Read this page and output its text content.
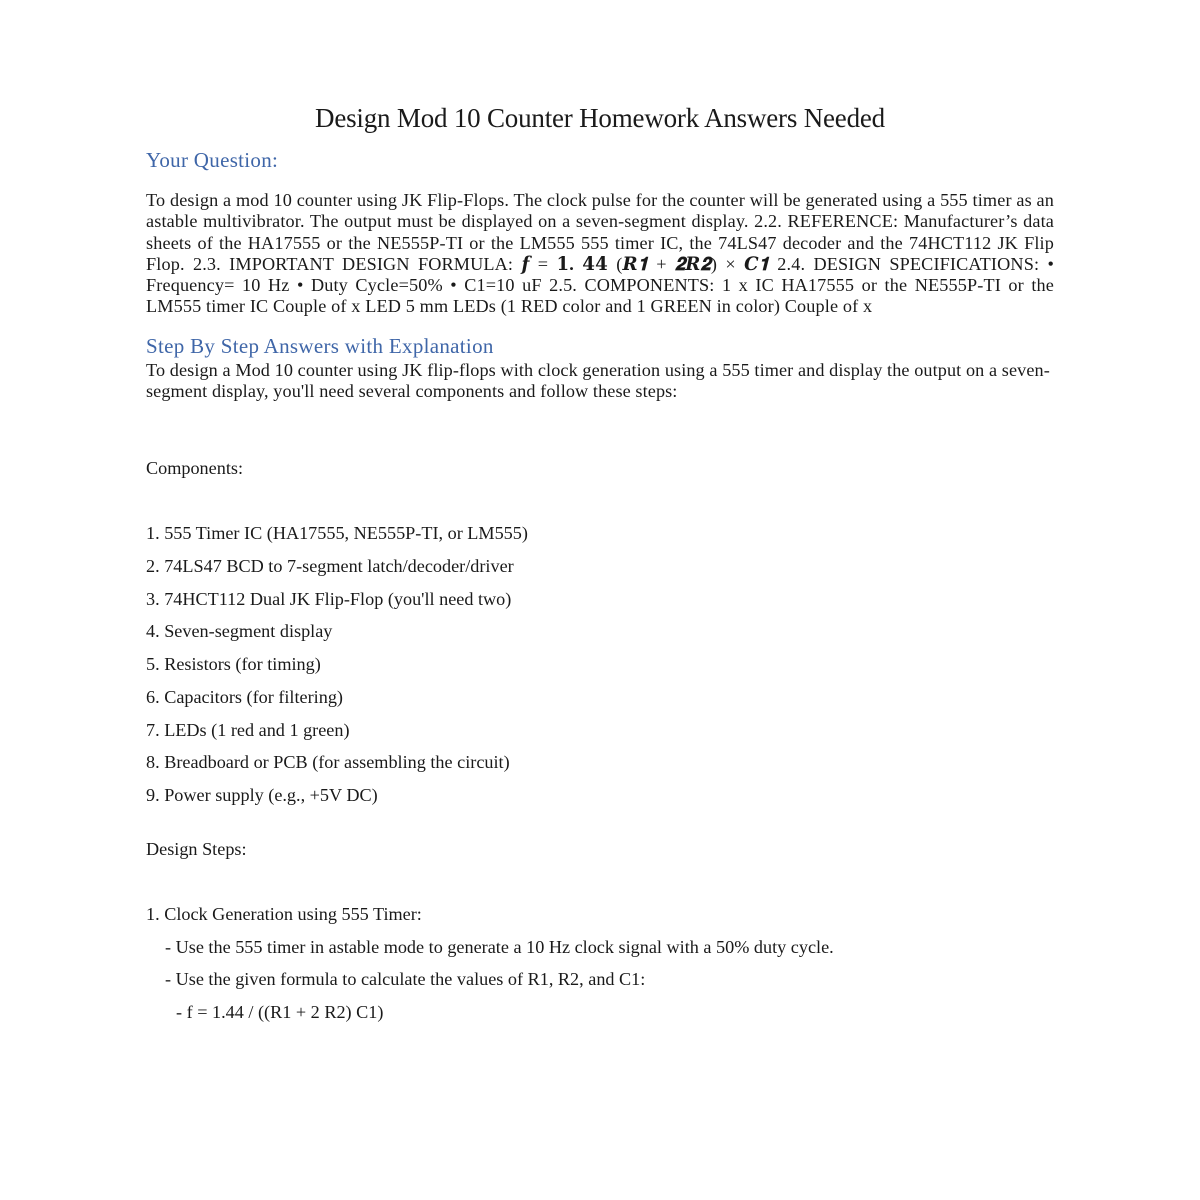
Design Mod 10 Counter Homework Answers Needed
Your Question:

To design a mod 10 counter using JK Flip-Flops. The clock pulse for the counter will be generated using a 555 timer as an astable multivibrator. The output must be displayed on a seven-segment display. 2.2. REFERENCE: Manufacturer’s data sheets of the HA17555 or the NE555P-TI or the LM555 555 timer IC, the 74LS47 decoder and the 74HCT112 JK Flip Flop. 2.3. IMPORTANT DESIGN FORMULA: 𝒇 = 𝟏. 𝟒𝟒 (𝑹𝟏 + 𝟐𝑹𝟐) × 𝑪𝟏 2.4. DESIGN SPECIFICATIONS: • Frequency= 10 Hz • Duty Cycle=50% • C1=10 uF 2.5. COMPONENTS: 1 x IC HA17555 or the NE555P-TI or the LM555 timer IC Couple of x LED 5 mm LEDs (1 RED color and 1 GREEN in color) Couple of x

Step By Step Answers with Explanation

To design a Mod 10 counter using JK flip-flops with clock generation using a 555 timer and display the output on a seven-segment display, you'll need several components and follow these steps:

Components:

1. 555 Timer IC (HA17555, NE555P-TI, or LM555)
2. 74LS47 BCD to 7-segment latch/decoder/driver
3. 74HCT112 Dual JK Flip-Flop (you'll need two)
4. Seven-segment display
5. Resistors (for timing)
6. Capacitors (for filtering)
7. LEDs (1 red and 1 green)
8. Breadboard or PCB (for assembling the circuit)
9. Power supply (e.g., +5V DC)

Design Steps:

1. Clock Generation using 555 Timer:
- Use the 555 timer in astable mode to generate a 10 Hz clock signal with a 50% duty cycle.
- Use the given formula to calculate the values of R1, R2, and C1:
- f = 1.44 / ((R1 + 2 R2) C1)
